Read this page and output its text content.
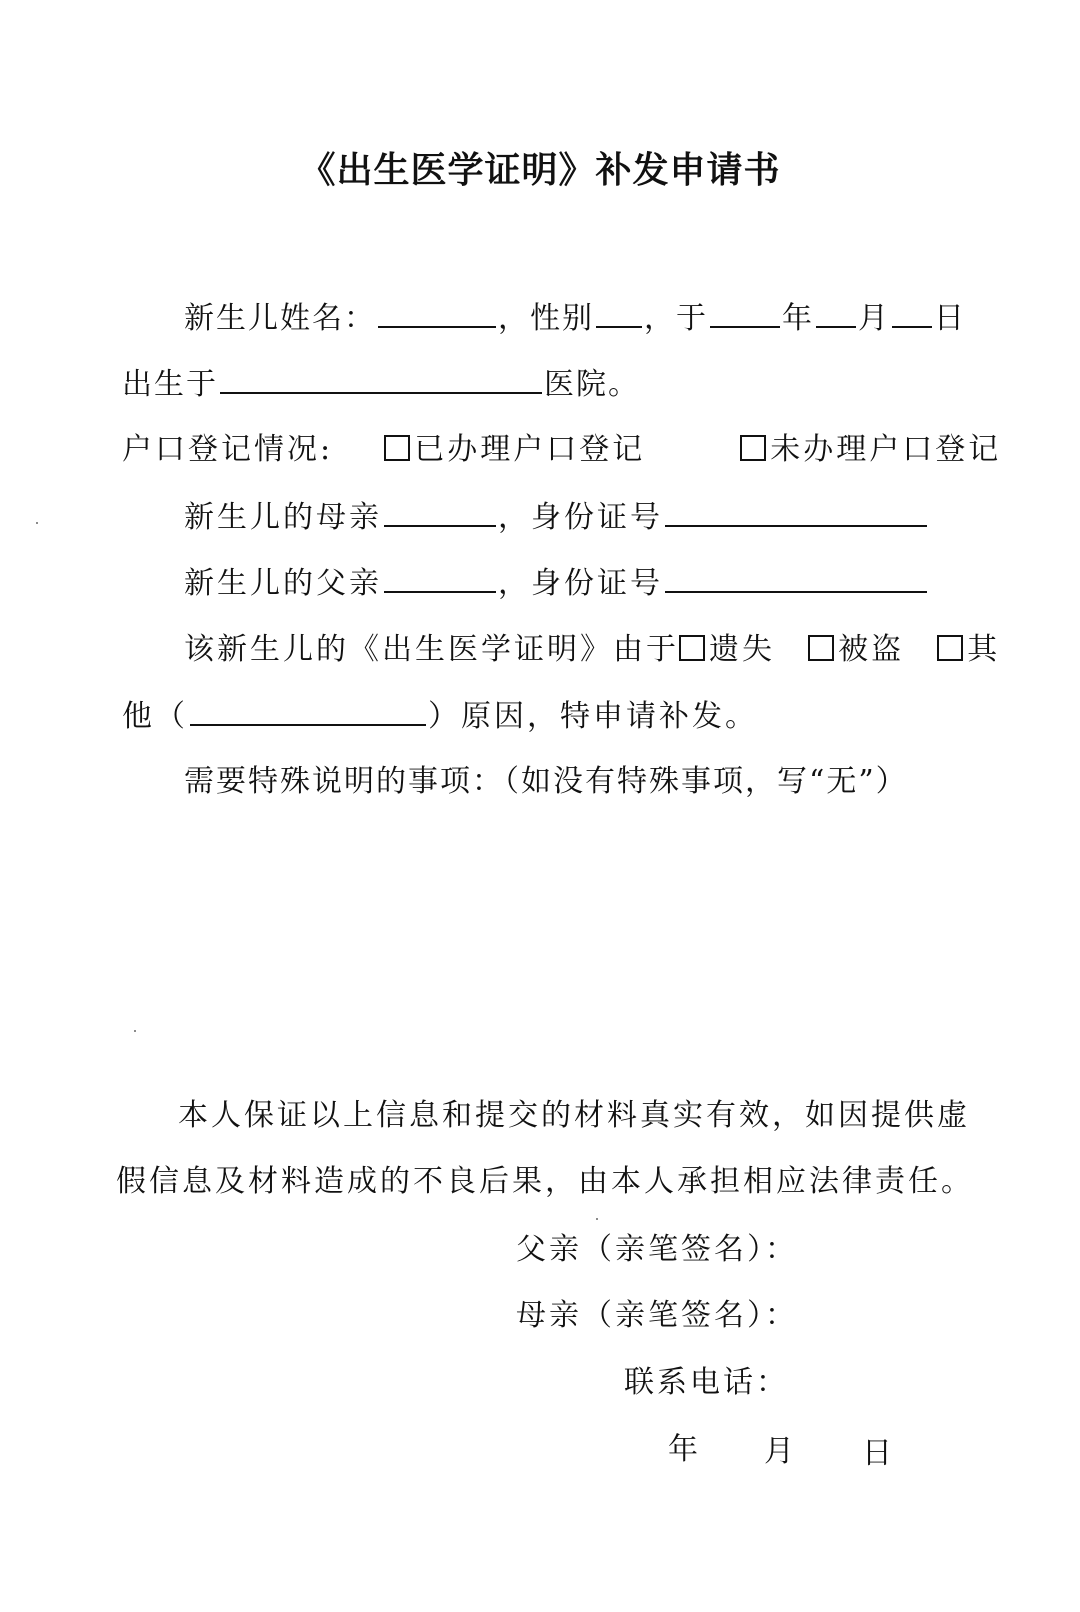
《出生医学证明》补发申请书
新生儿姓名：	，性别 ，于 年 月 日
出生于	医院。
户口登记情况:	已办理户口登记	未办理户口登记
新生儿的母亲	，身份证号
新生儿的父亲	，身份证号
该新生儿的《出生医学证明》由于 遗失 被盗 其
他（	）原因，特申请补发。
需要特殊说明的事项：（如没有特殊事项，写“无”）
本人保证以上信息和提交的材料真实有效，如因提供虚
假信息及材料造成的不良后果，由本人承担相应法律责任。
父亲（亲笔签名）：
母亲（亲笔签名）：
联系电话：
年 月 日
